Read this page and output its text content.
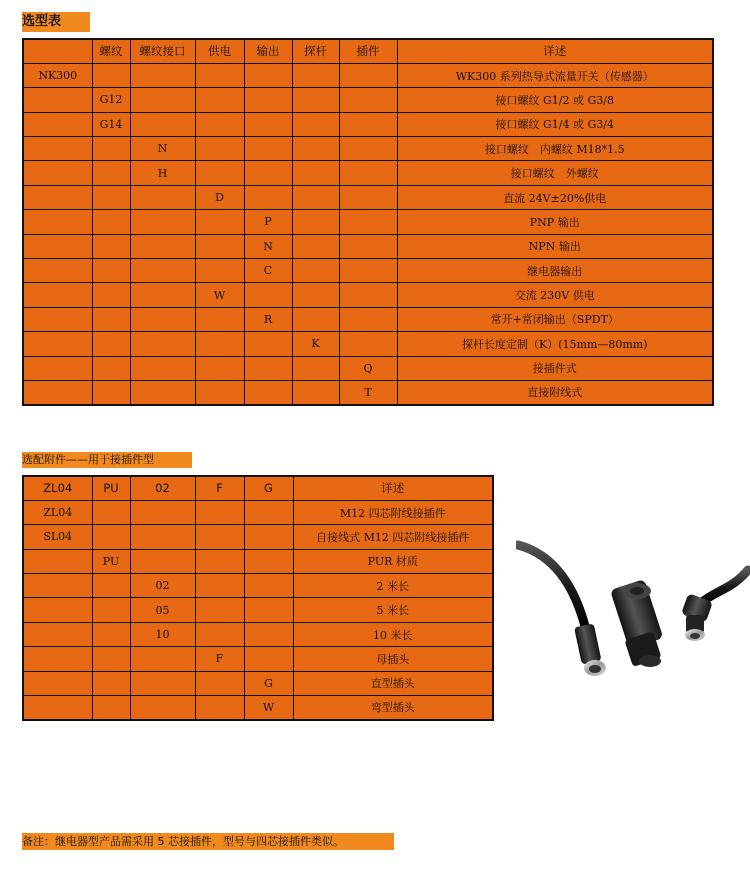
选型表
	螺纹	螺纹接口	供电	输出	探杆	插件	详述
NK300							WK300 系列热导式流量开关（传感器）
	G12						接口螺纹 G1/2 或 G3/8
	G14						接口螺纹 G1/4 或 G3/4
		N					接口螺纹　内螺纹 M18*1.5
		H					接口螺纹　外螺纹
			D				直流 24V±20%供电
				P			PNP 输出
				N			NPN 输出
				C			继电器输出
			W				交流 230V 供电
				R			常开+常闭输出（SPDT）
					K		探杆长度定制（K）(15mm—80mm)
						Q	接插件式
						T	直接附线式
选配附件——用于接插件型
ZL04	PU	02	F	G	详述
ZL04					M12 四芯附线接插件
SL04					自接线式 M12 四芯附线接插件
	PU				PUR 材质
		02			2 米长
		05			5 米长
		10			10 米长
			F		母插头
				G	直型插头
				W	弯型插头
备注：继电器型产品需采用 5 芯接插件，型号与四芯接插件类似。
